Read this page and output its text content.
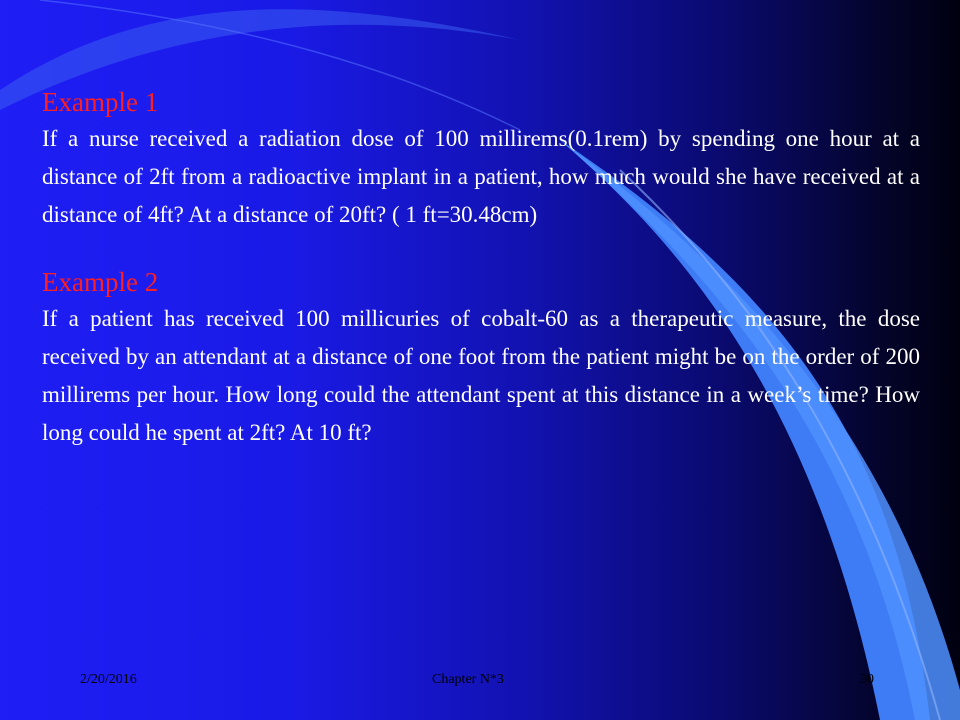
Example 1

If a nurse received a radiation dose of 100 millirems(0.1rem) by spending one hour at a distance of 2ft from a radioactive implant in a patient, how much would she have received at a distance of 4ft? At a distance of 20ft? ( 1 ft=30.48cm)

Example 2

If a patient has received 100 millicuries of cobalt-60 as a therapeutic measure, the dose received by an attendant at a distance of one foot from the patient might be on the order of 200 millirems per hour. How long could the attendant spent at this distance in a week’s time? How long could he spent at 2ft? At 10 ft?

2/20/2016	Chapter N*3	30
